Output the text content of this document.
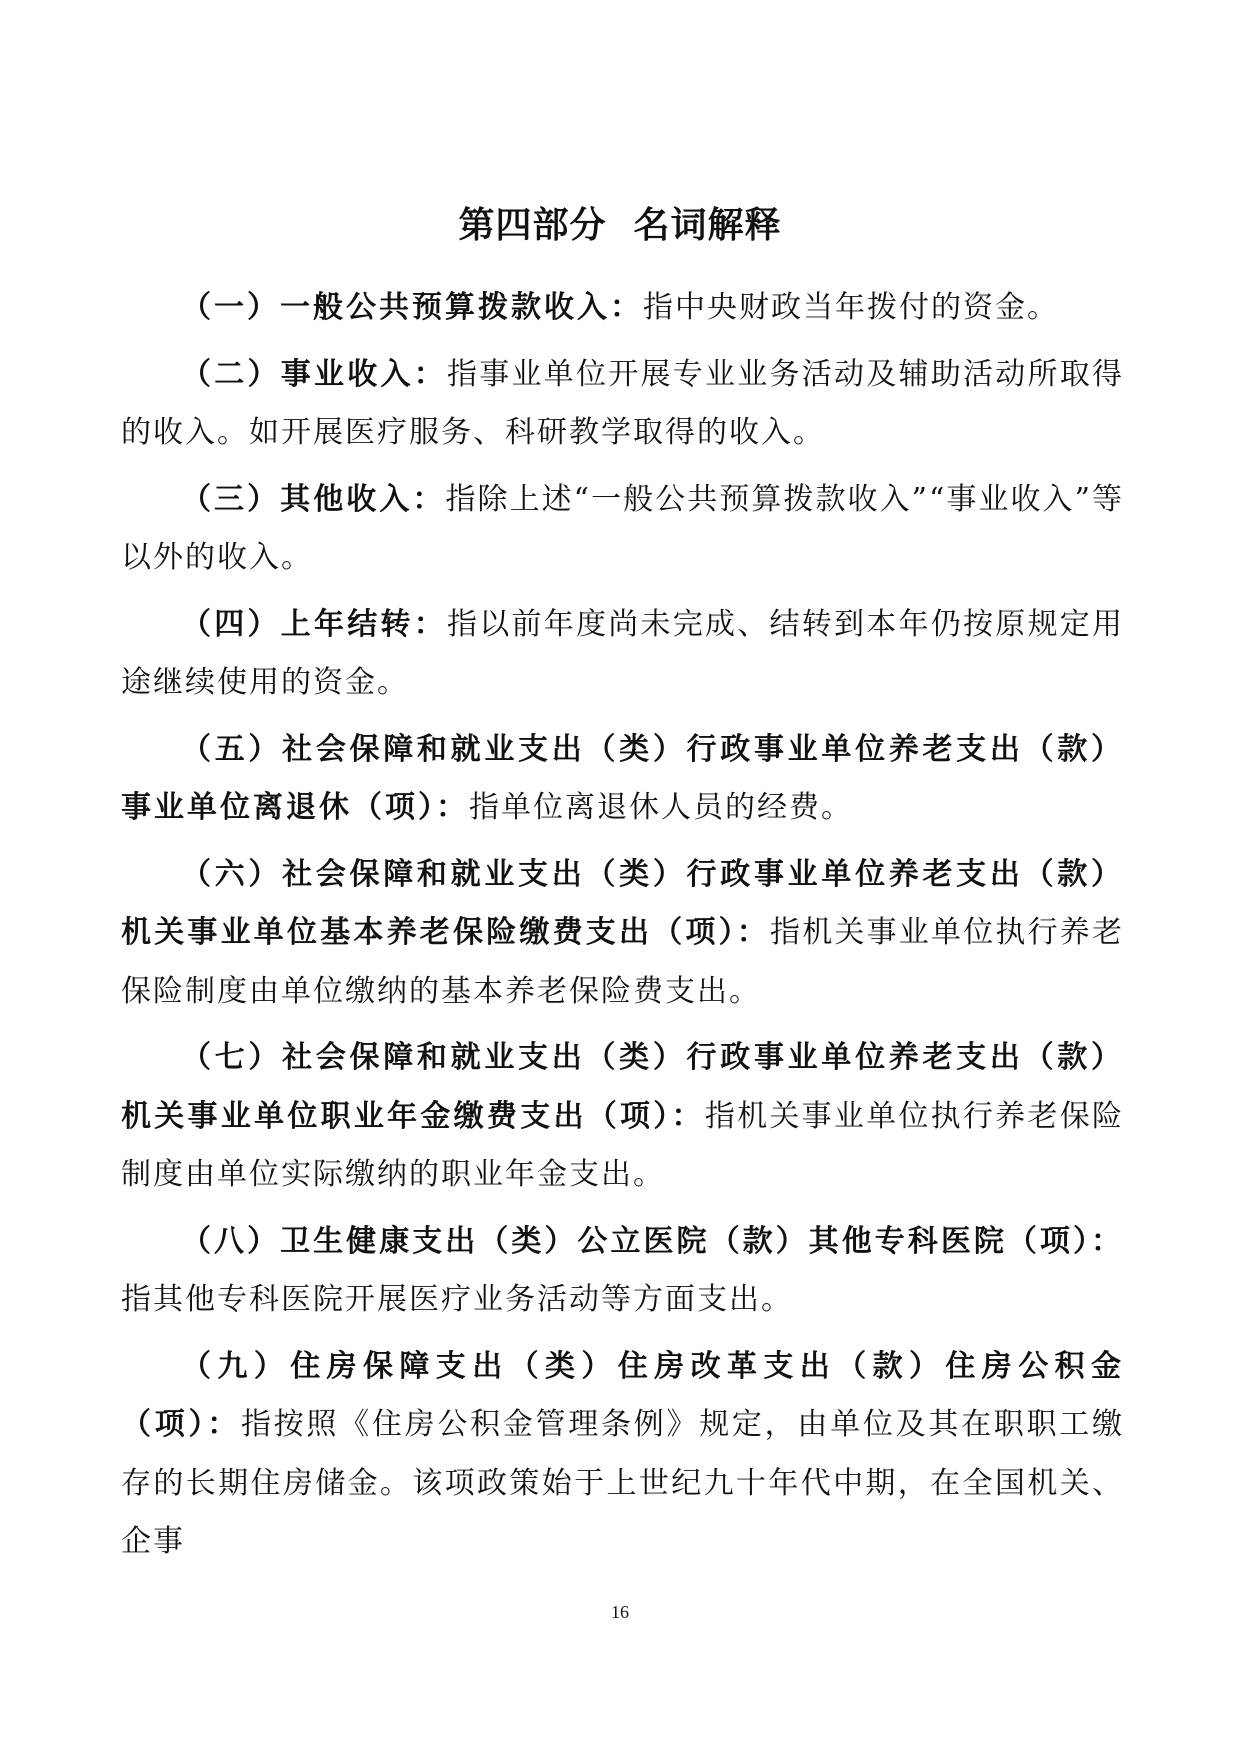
第四部分  名词解释

（一）一般公共预算拨款收入：指中央财政当年拨付的资金。

（二）事业收入：指事业单位开展专业业务活动及辅助活动所取得的收入。如开展医疗服务、科研教学取得的收入。

（三）其他收入：指除上述“一般公共预算拨款收入”“事业收入”等以外的收入。

（四）上年结转：指以前年度尚未完成、结转到本年仍按原规定用途继续使用的资金。

（五）社会保障和就业支出（类）行政事业单位养老支出（款）事业单位离退休（项）：指单位离退休人员的经费。

（六）社会保障和就业支出（类）行政事业单位养老支出（款）机关事业单位基本养老保险缴费支出（项）：指机关事业单位执行养老保险制度由单位缴纳的基本养老保险费支出。

（七）社会保障和就业支出（类）行政事业单位养老支出（款）机关事业单位职业年金缴费支出（项）：指机关事业单位执行养老保险制度由单位实际缴纳的职业年金支出。

（八）卫生健康支出（类）公立医院（款）其他专科医院（项）：指其他专科医院开展医疗业务活动等方面支出。

（九）住房保障支出（类）住房改革支出（款）住房公积金（项）：指按照《住房公积金管理条例》规定，由单位及其在职职工缴存的长期住房储金。该项政策始于上世纪九十年代中期，在全国机关、企事

16
